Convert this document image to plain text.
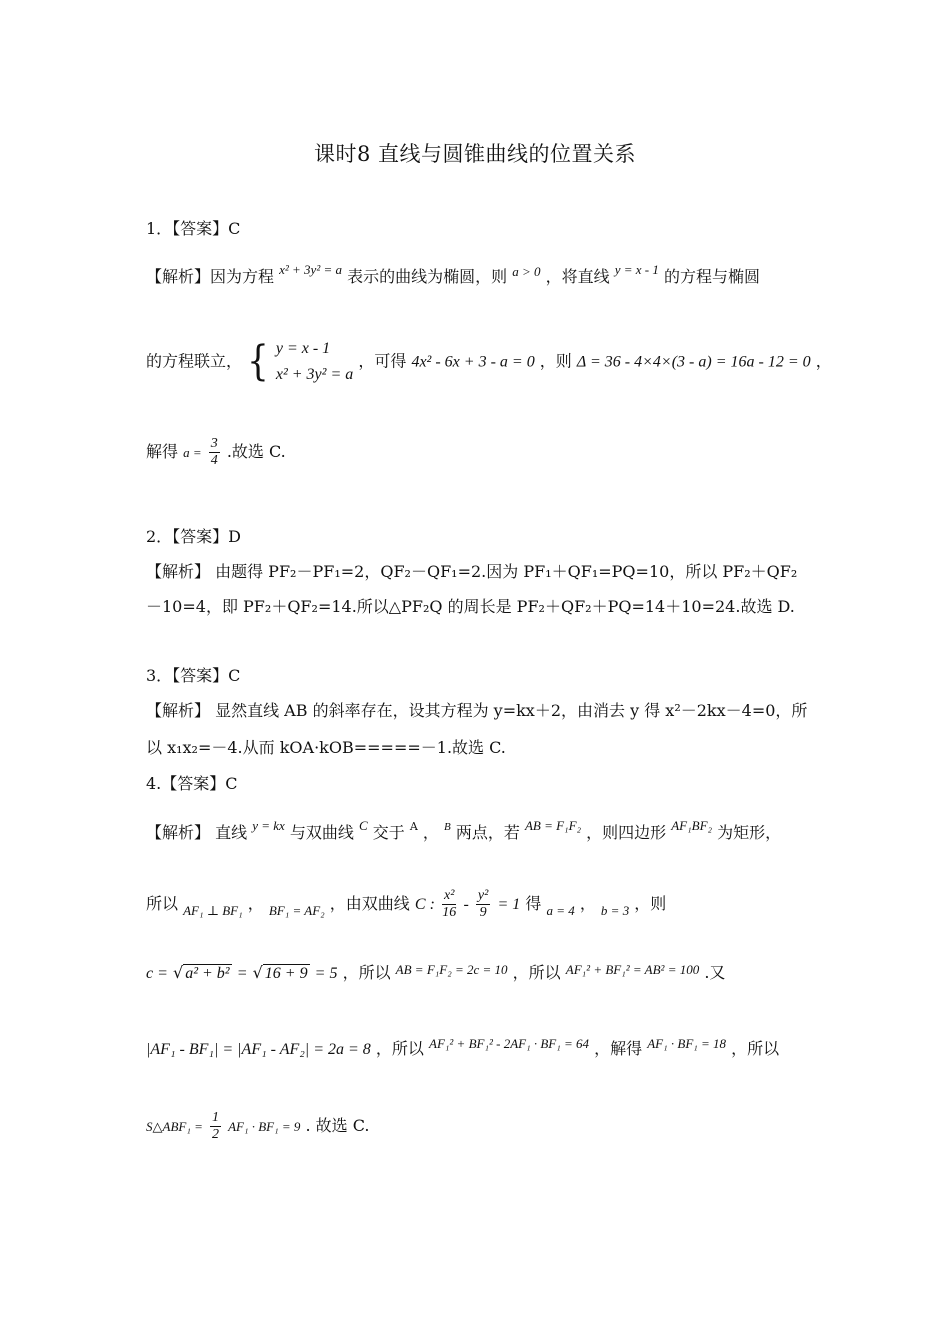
课时8 直线与圆锥曲线的位置关系
1．【答案】C
【解析】因为方程 $^{x^2 + 3y^2 = a}$ 表示的曲线为椭圆，则 $^{a > 0}$ ，将直线 $^{y = x - 1}$ 的方程与椭圆
的方程联立， { y = x - 1
x² + 3y² = a
，可得 4x² - 6x + 3 - a = 0 ，则 Δ = 36 - 4×4×(3 - a) = 16a - 12 = 0 ，
解得 $a = \frac{3}{4}$ .故选 C.
2．【答案】D
【解析】 由题得 PF₂－PF₁=2，QF₂－QF₁=2.因为 PF₁＋QF₁=PQ=10，所以 PF₂＋QF₂
－10=4，即 PF₂＋QF₂=14.所以△PF₂Q 的周长是 PF₂＋QF₂＋PQ=14＋10=24.故选 D.
3．【答案】C
【解析】 显然直线 AB 的斜率存在，设其方程为 y=kx＋2，由消去 y 得 x²－2kx－4=0，所
以 x₁x₂=－4.从而 kOA·kOB=====－1.故选 C.
4.【答案】C
【解析】 直线 $^{y = kx}$ 与双曲线 $^C$ 交于 $^A$ ， $^B$ 两点，若 $^{AB = F_1F_2}$ ，则四边形 $^{AF_1BF_2}$ 为矩形，
所以 $_{AF_1 \perp BF_1}$ ， $_{BF_1 = AF_2}$ ，由双曲线 C : $\frac{\text{x²}}{16} - \frac{\text{y²}}{9} = 1$ 得 $_{a = 4}$ ， $_{b = 3}$ ，则
c = √ a² + b² = √ 16 + 9 = 5 ，所以 $^{AB = F_1F_2 = 2c = 10}$ ，所以 $^{AF_1^2 + BF_1^2 = AB^2 = 100}$ .又
|AF₁ - BF₁| = |AF₁ - AF₂| = 2a = 8 ，所以 $^{AF_1^2 + BF_1^2 - 2AF_1 \cdot BF_1 = 64}$ ，解得 $^{AF_1 \cdot BF_1 = 18}$ ，所以
S△ABF₁ = $\frac{1}{2} AF_1 \cdot BF_1 = 9$ . 故选 C.
